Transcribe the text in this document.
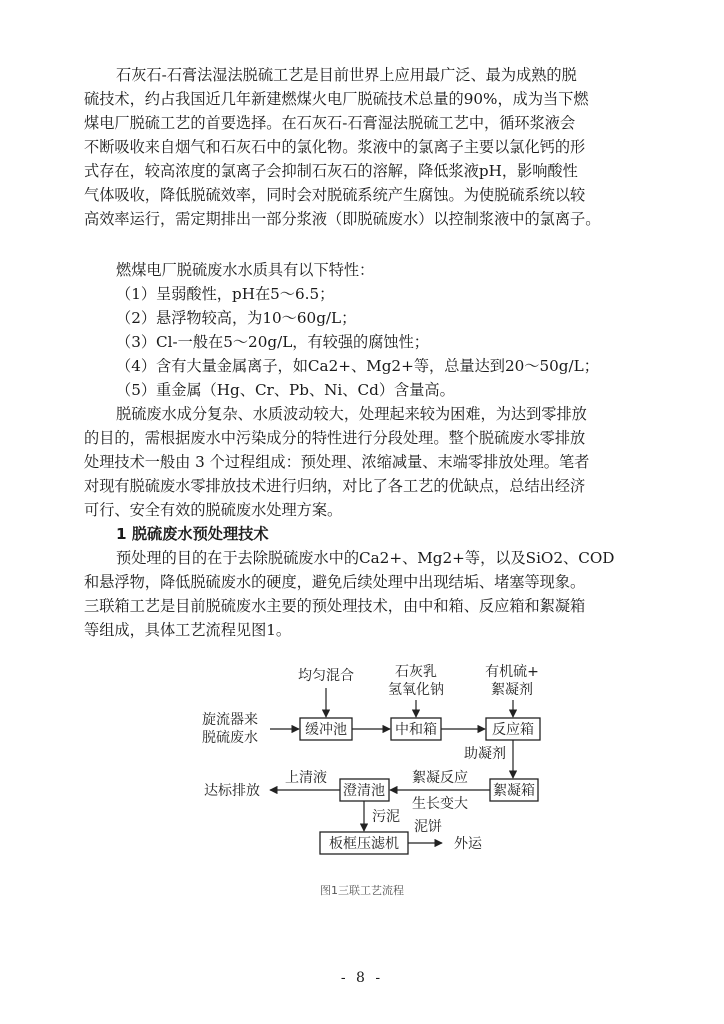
石灰石-石膏法湿法脱硫工艺是目前世界上应用最广泛、最为成熟的脱
硫技术，约占我国近几年新建燃煤火电厂脱硫技术总量的90%，成为当下燃
煤电厂脱硫工艺的首要选择。在石灰石-石膏湿法脱硫工艺中，循环浆液会
不断吸收来自烟气和石灰石中的氯化物。浆液中的氯离子主要以氯化钙的形
式存在，较高浓度的氯离子会抑制石灰石的溶解，降低浆液pH，影响酸性
气体吸收，降低脱硫效率，同时会对脱硫系统产生腐蚀。为使脱硫系统以较
高效率运行，需定期排出一部分浆液（即脱硫废水）以控制浆液中的氯离子。
燃煤电厂脱硫废水水质具有以下特性：
（1）呈弱酸性，pH在5～6.5；
（2）悬浮物较高，为10～60g/L；
（3）Cl-一般在5～20g/L，有较强的腐蚀性；
（4）含有大量金属离子，如Ca2+、Mg2+等，总量达到20～50g/L；
（5）重金属（Hg、Cr、Pb、Ni、Cd）含量高。
脱硫废水成分复杂、水质波动较大，处理起来较为困难，为达到零排放
的目的，需根据废水中污染成分的特性进行分段处理。整个脱硫废水零排放
处理技术一般由 3 个过程组成：预处理、浓缩减量、末端零排放处理。笔者
对现有脱硫废水零排放技术进行归纳，对比了各工艺的优缺点，总结出经济
可行、安全有效的脱硫废水处理方案。
1 脱硫废水预处理技术
预处理的目的在于去除脱硫废水中的Ca2+、Mg2+等，以及SiO2、COD
和悬浮物，降低脱硫废水的硬度，避免后续处理中出现结垢、堵塞等现象。
三联箱工艺是目前脱硫废水主要的预处理技术，由中和箱、反应箱和絮凝箱
等组成，具体工艺流程见图1。
旋流器来
脱硫废水
均匀混合	石灰乳
氢氧化钠
有机硫+
絮凝剂
缓冲池	中和箱	反应箱
助凝剂
絮凝箱
絮凝反应
生长变大
澄清池
上清液
达标排放
污泥
板框压滤机
泥饼
外运
图1三联工艺流程
- 8 -
